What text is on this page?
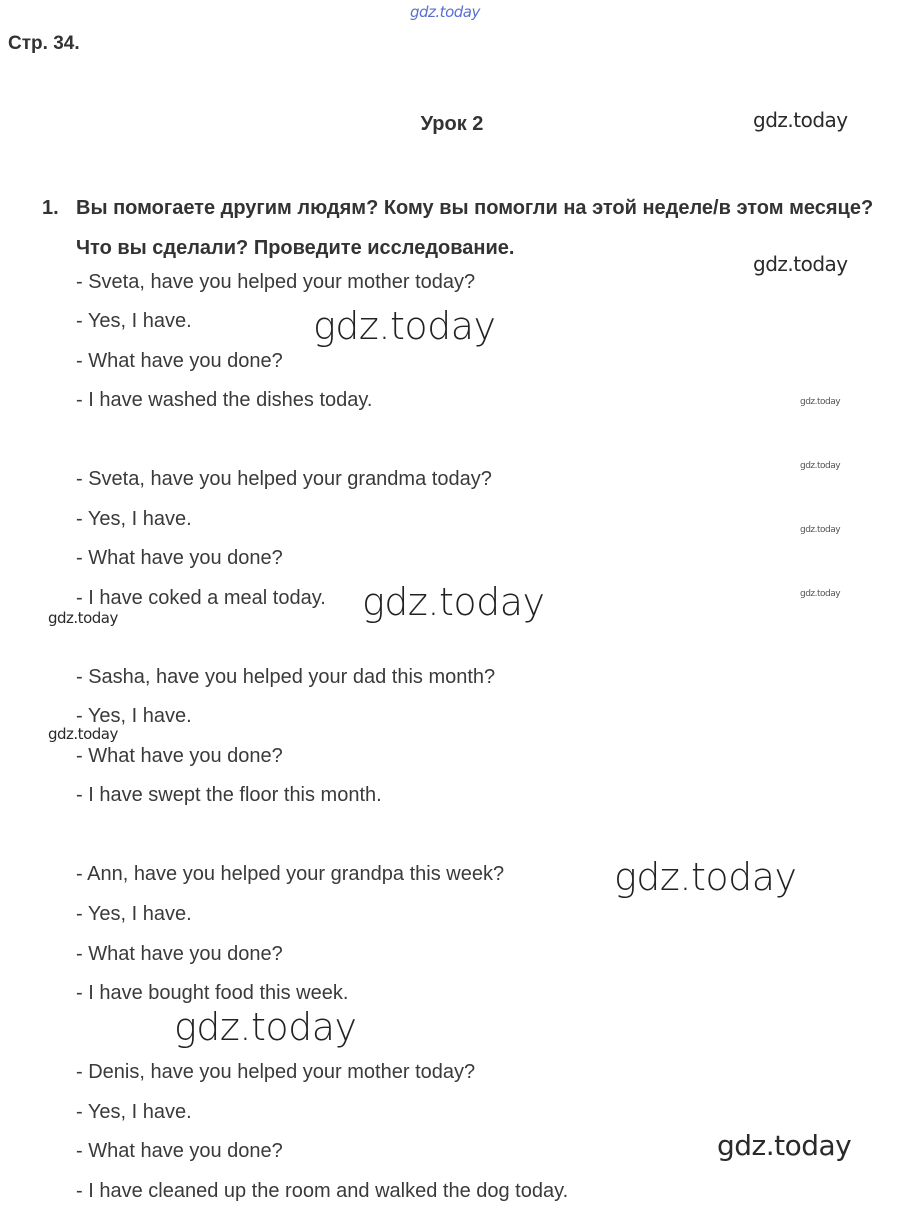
gdz.today
Стр. 34.
Урок 2	gdz.today
1. Вы помогаете другим людям? Кому вы помогли на этой неделе/в этом месяце? Что вы сделали? Проведите исследование.
- Sveta, have you helped your mother today?
- Yes, I have.
- What have you done?
- I have washed the dishes today.
- Sveta, have you helped your grandma today?
- Yes, I have.
- What have you done?
- I have coked a meal today.
- Sasha, have you helped your dad this month?
- Yes, I have.
- What have you done?
- I have swept the floor this month.
- Ann, have you helped your grandpa this week?
- Yes, I have.
- What have you done?
- I have bought food this week.
- Denis, have you helped your mother today?
- Yes, I have.
- What have you done?
- I have cleaned up the room and walked the dog today.
gdz.today
gdz.today
gdz.today
gdz.today
gdz.today
gdz.today
gdz.today
gdz.today
gdz.today
gdz.today
gdz.today
gdz.today
